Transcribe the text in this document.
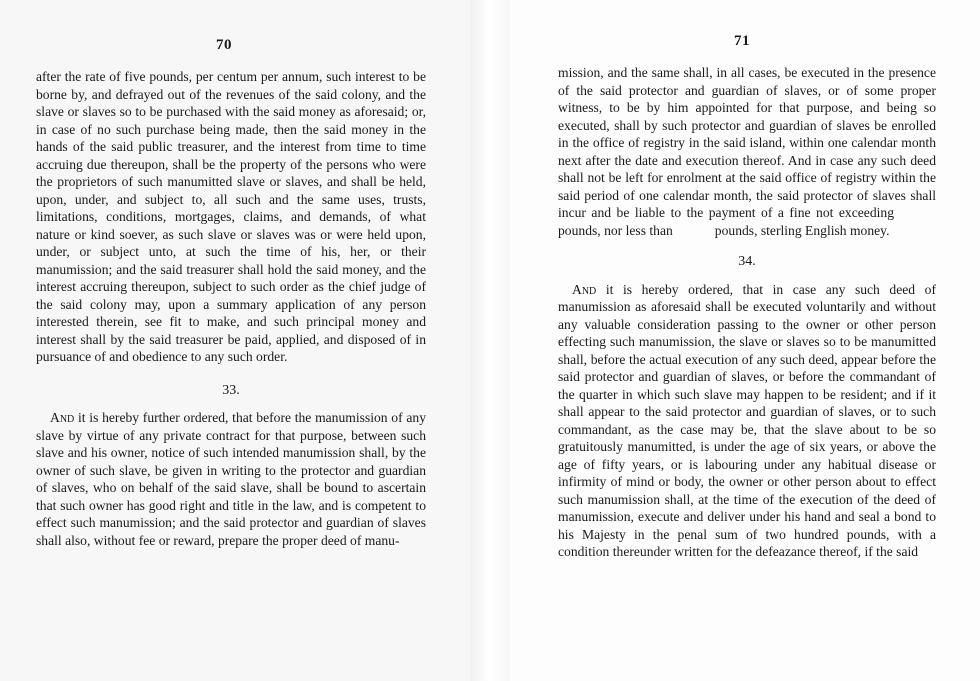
70

after the rate of five pounds, per centum per annum, such interest to be borne by, and defrayed out of the revenues of the said colony, and the slave or slaves so to be purchased with the said money as aforesaid; or, in case of no such purchase being made, then the said money in the hands of the said public treasurer, and the interest from time to time accruing due thereupon, shall be the property of the persons who were the proprietors of such manumitted slave or slaves, and shall be held, upon, under, and subject to, all such and the same uses, trusts, limitations, conditions, mortgages, claims, and demands, of what nature or kind soever, as such slave or slaves was or were held upon, under, or subject unto, at such the time of his, her, or their manumission; and the said treasurer shall hold the said money, and the interest accruing thereupon, subject to such order as the chief judge of the said colony may, upon a summary application of any person interested therein, see fit to make, and such principal money and interest shall by the said treasurer be paid, applied, and disposed of in pursuance of and obedience to any such order.

33.

And it is hereby further ordered, that before the manumission of any slave by virtue of any private contract for that purpose, between such slave and his owner, notice of such intended manumission shall, by the owner of such slave, be given in writing to the protector and guardian of slaves, who on behalf of the said slave, shall be bound to ascertain that such owner has good right and title in the law, and is competent to effect such manumission; and the said protector and guardian of slaves shall also, without fee or reward, prepare the proper deed of manu-

71

mission, and the same shall, in all cases, be executed in the presence of the said protector and guardian of slaves, or of some proper witness, to be by him appointed for that purpose, and being so executed, shall by such protector and guardian of slaves be enrolled in the office of registry in the said island, within one calendar month next after the date and execution thereof. And in case any such deed shall not be left for enrolment at the said office of registry within the said period of one calendar month, the said protector of slaves shall incur and be liable to the payment of a fine not exceedingpounds, nor less than	pounds, sterling English money.

34.

And it is hereby ordered, that in case any such deed of manumission as aforesaid shall be executed voluntarily and without any valuable consideration passing to the owner or other person effecting such manumission, the slave or slaves so to be manumitted shall, before the actual execution of any such deed, appear before the said protector and guardian of slaves, or before the commandant of the quarter in which such slave may happen to be resident; and if it shall appear to the said protector and guardian of slaves, or to such commandant, as the case may be, that the slave about to be so gratuitously manumitted, is under the age of six years, or above the age of fifty years, or is labouring under any habitual disease or infirmity of mind or body, the owner or other person about to effect such manumission shall, at the time of the execution of the deed of manumission, execute and deliver under his hand and seal a bond to his Majesty in the penal sum of two hundred pounds, with a condition thereunder written for the defeazance thereof, if the said
